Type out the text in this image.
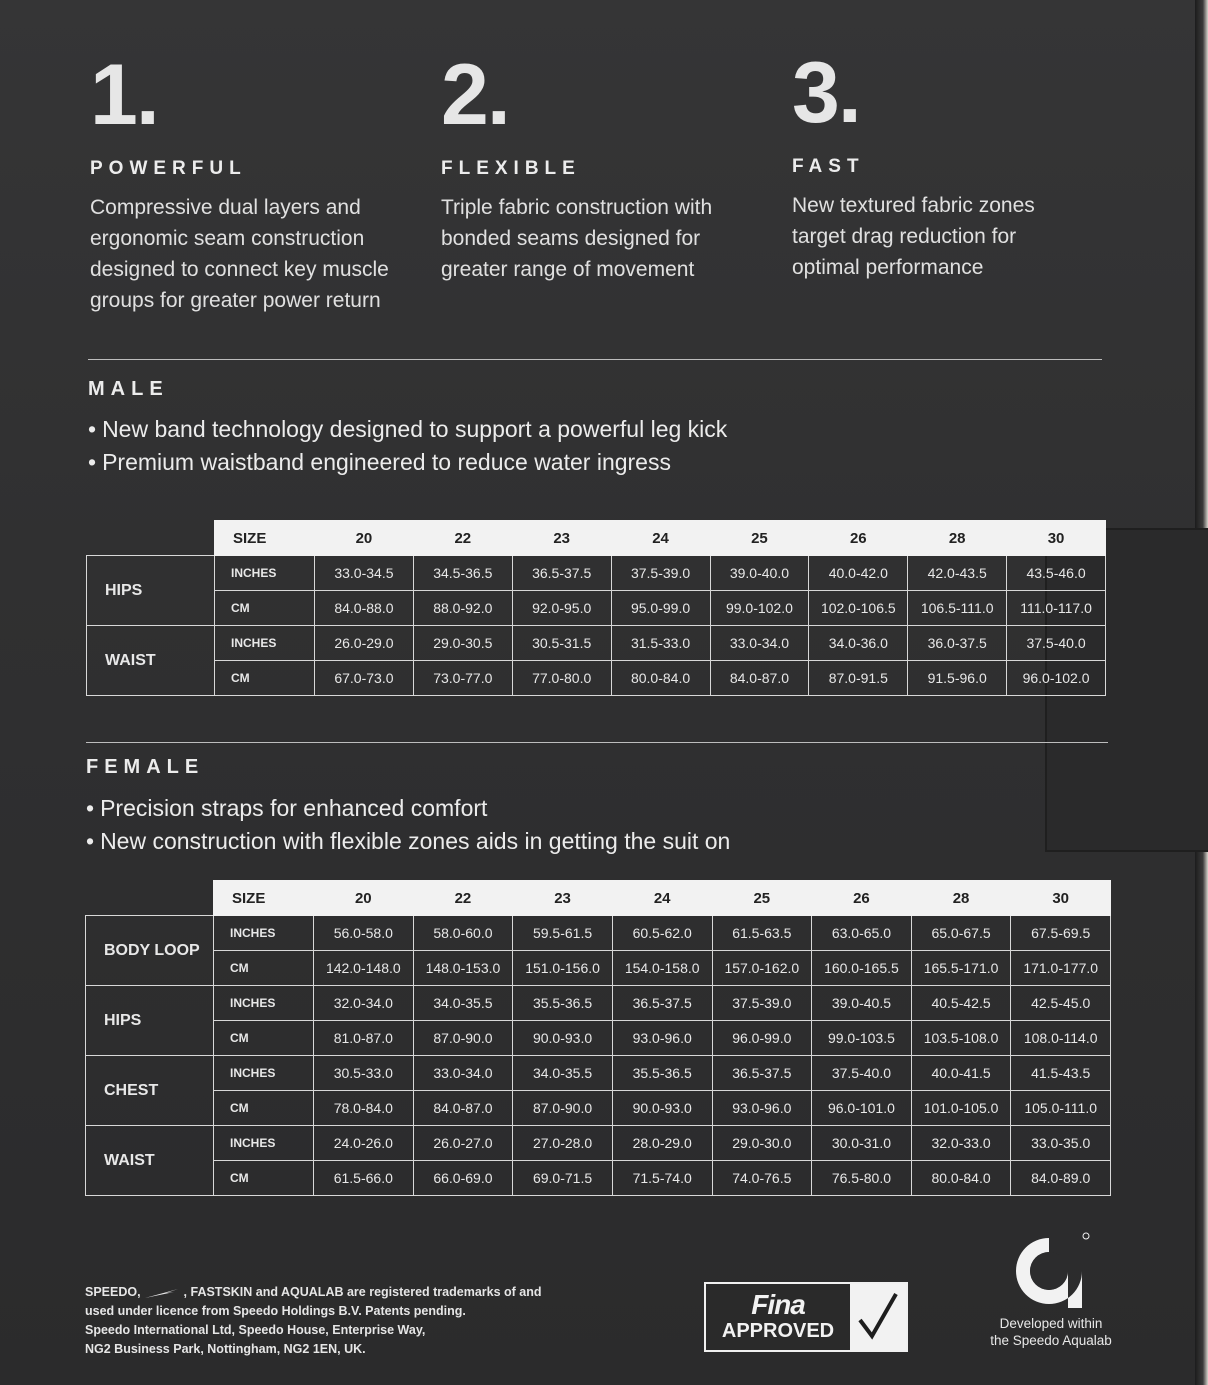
1.
POWERFUL
Compressive dual layers and ergonomic seam construction designed to connect key muscle groups for greater power return
2.
FLEXIBLE
Triple fabric construction with bonded seams designed for greater range of movement
3.
FAST
New textured fabric zones target drag reduction for optimal performance
MALE
• New band technology designed to support a powerful leg kick
• Premium waistband engineered to reduce water ingress
	SIZE	20	22	23	24	25	26	28	30
HIPS	INCHES	33.0-34.5	34.5-36.5	36.5-37.5	37.5-39.0	39.0-40.0	40.0-42.0	42.0-43.5	43.5-46.0
	CM	84.0-88.0	88.0-92.0	92.0-95.0	95.0-99.0	99.0-102.0	102.0-106.5	106.5-111.0	111.0-117.0
WAIST	INCHES	26.0-29.0	29.0-30.5	30.5-31.5	31.5-33.0	33.0-34.0	34.0-36.0	36.0-37.5	37.5-40.0
	CM	67.0-73.0	73.0-77.0	77.0-80.0	80.0-84.0	84.0-87.0	87.0-91.5	91.5-96.0	96.0-102.0
FEMALE
• Precision straps for enhanced comfort
• New construction with flexible zones aids in getting the suit on
	SIZE	20	22	23	24	25	26	28	30
BODY LOOP	INCHES	56.0-58.0	58.0-60.0	59.5-61.5	60.5-62.0	61.5-63.5	63.0-65.0	65.0-67.5	67.5-69.5
	CM	142.0-148.0	148.0-153.0	151.0-156.0	154.0-158.0	157.0-162.0	160.0-165.5	165.5-171.0	171.0-177.0
HIPS	INCHES	32.0-34.0	34.0-35.5	35.5-36.5	36.5-37.5	37.5-39.0	39.0-40.5	40.5-42.5	42.5-45.0
	CM	81.0-87.0	87.0-90.0	90.0-93.0	93.0-96.0	96.0-99.0	99.0-103.5	103.5-108.0	108.0-114.0
CHEST	INCHES	30.5-33.0	33.0-34.0	34.0-35.5	35.5-36.5	36.5-37.5	37.5-40.0	40.0-41.5	41.5-43.5
	CM	78.0-84.0	84.0-87.0	87.0-90.0	90.0-93.0	93.0-96.0	96.0-101.0	101.0-105.0	105.0-111.0
WAIST	INCHES	24.0-26.0	26.0-27.0	27.0-28.0	28.0-29.0	29.0-30.0	30.0-31.0	32.0-33.0	33.0-35.0
	CM	61.5-66.0	66.0-69.0	69.0-71.5	71.5-74.0	74.0-76.5	76.5-80.0	80.0-84.0	84.0-89.0
SPEEDO,	, FASTSKIN and AQUALAB are registered trademarks of and used under licence from Speedo Holdings B.V. Patents pending.
Speedo International Ltd, Speedo House, Enterprise Way,
NG2 Business Park, Nottingham, NG2 1EN, UK.
Fina
APPROVED	Developed within
the Speedo Aqualab
